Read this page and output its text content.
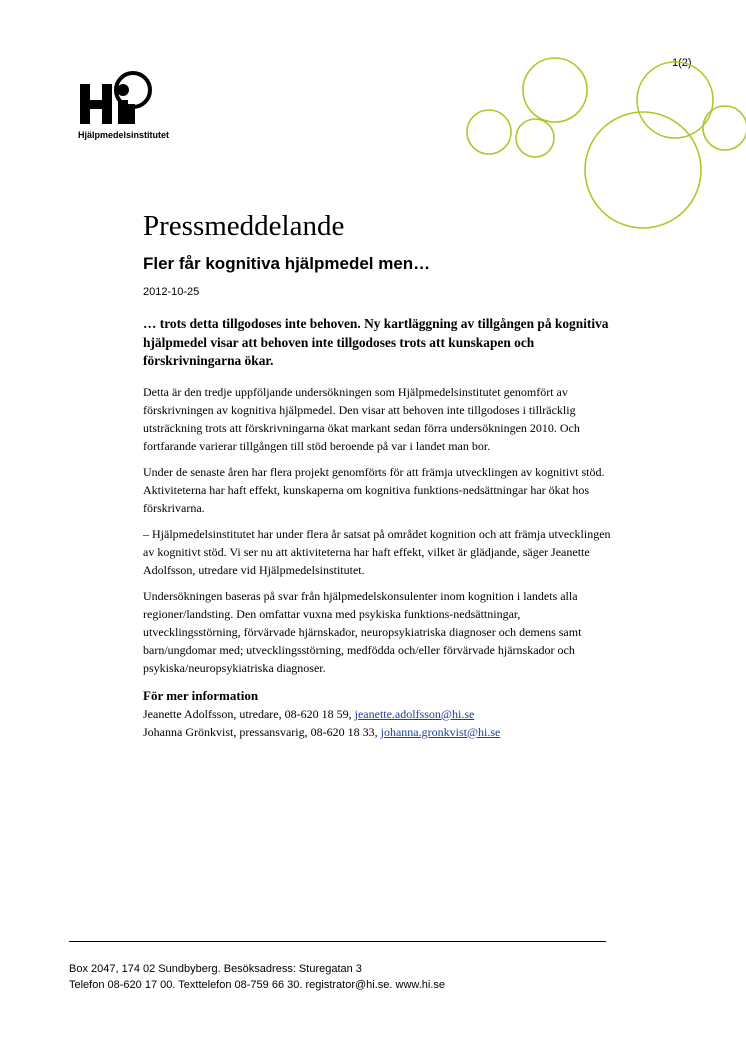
1(2)
Hjälpmedelsinstitutet
Pressmeddelande
Fler får kognitiva hjälpmedel men…
2012-10-25

… trots detta tillgodoses inte behoven. Ny kartläggning av tillgången på kognitiva hjälpmedel visar att behoven inte tillgodoses trots att kunskapen och förskrivningarna ökar.

Detta är den tredje uppföljande undersökningen som Hjälpmedelsinstitutet genomfört av förskrivningen av kognitiva hjälpmedel. Den visar att behoven inte tillgodoses i tillräcklig utsträckning trots att förskrivningarna ökat markant sedan förra undersökningen 2010. Och fortfarande varierar tillgången till stöd beroende på var i landet man bor.

Under de senaste åren har flera projekt genomförts för att främja utvecklingen av kognitivt stöd. Aktiviteterna har haft effekt, kunskaperna om kognitiva funktions-nedsättningar har ökat hos förskrivarna.

– Hjälpmedelsinstitutet har under flera år satsat på området kognition och att främja utvecklingen av kognitivt stöd. Vi ser nu att aktiviteterna har haft effekt, vilket är glädjande, säger Jeanette Adolfsson, utredare vid Hjälpmedelsinstitutet.

Undersökningen baseras på svar från hjälpmedelskonsulenter inom kognition i landets alla regioner/landsting. Den omfattar vuxna med psykiska funktions-nedsättningar, utvecklingsstörning, förvärvade hjärnskador, neuropsykiatriska diagnoser och demens samt barn/ungdomar med; utvecklingsstörning, medfödda och/eller förvärvade hjärnskador och psykiska/neuropsykiatriska diagnoser.

För mer information

Jeanette Adolfsson, utredare, 08-620 18 59, jeanette.adolfsson@hi.se

Johanna Grönkvist, pressansvarig, 08-620 18 33, johanna.gronkvist@hi.se

Box 2047, 174 02 Sundbyberg. Besöksadress: Sturegatan 3
Telefon 08-620 17 00. Texttelefon 08-759 66 30. registrator@hi.se. www.hi.se
